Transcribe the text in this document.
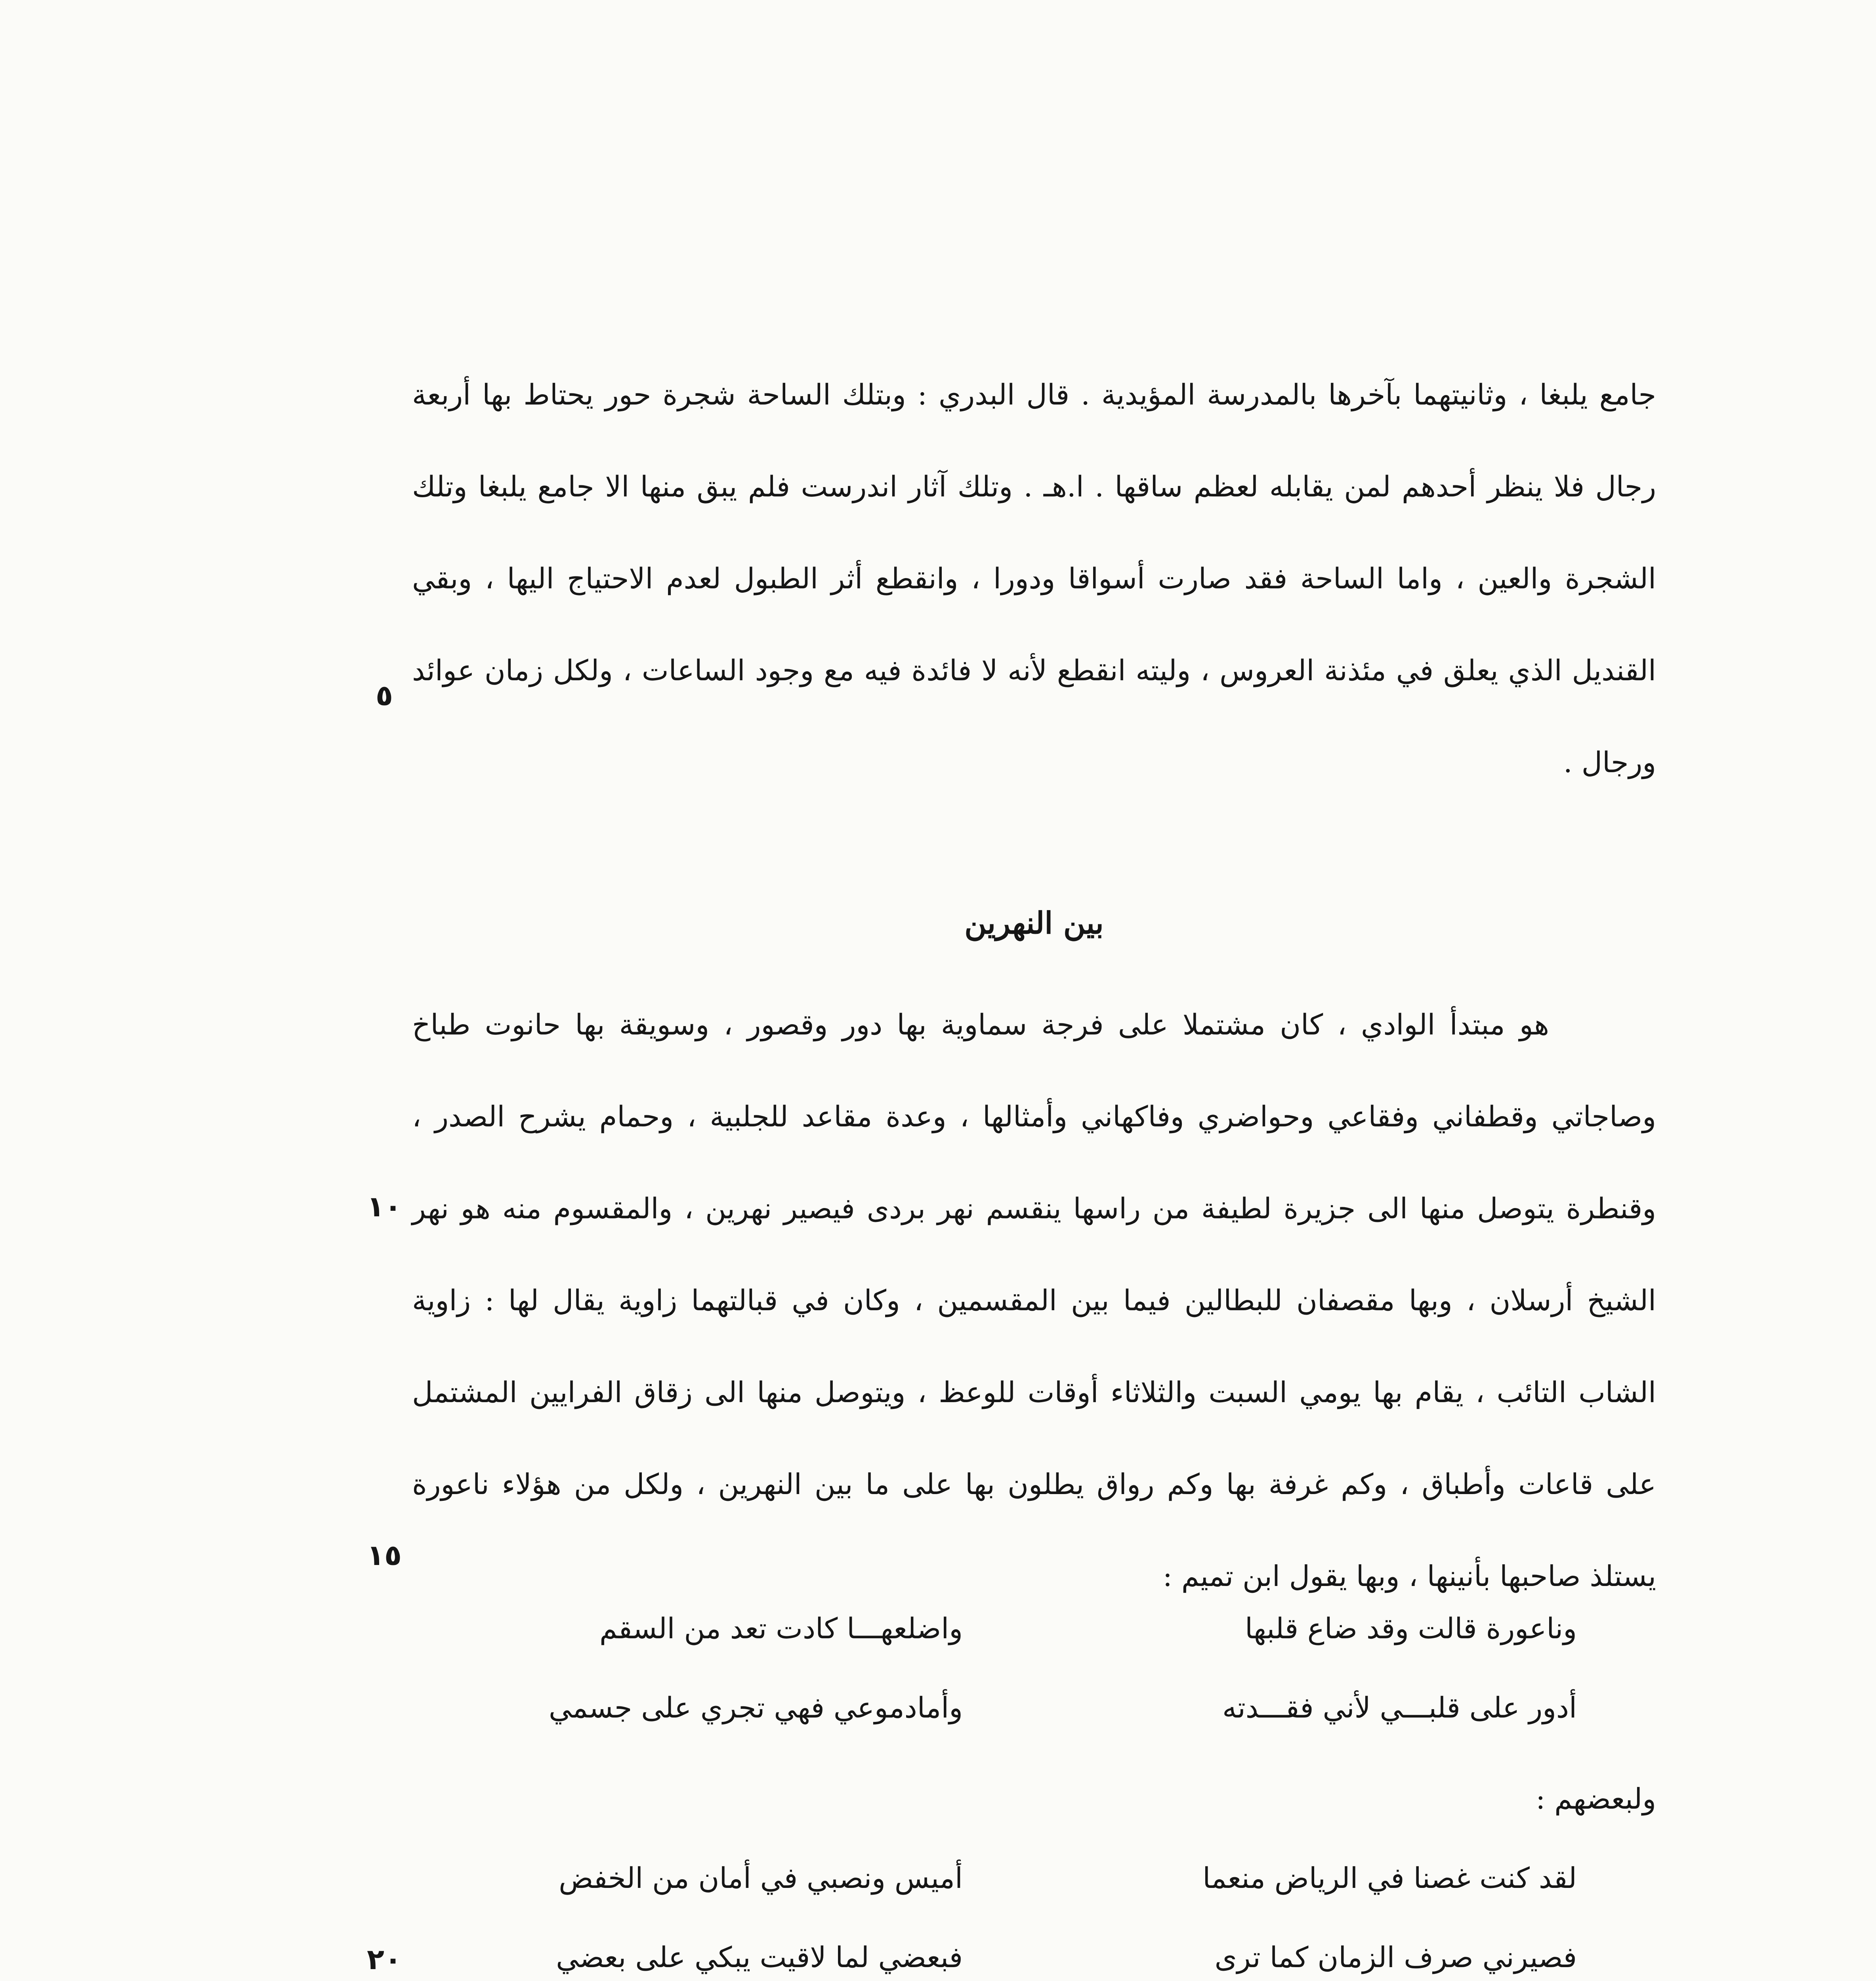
جامع يلبغا ، وثانيتهما بآخرها بالمدرسة المؤيدية . قال البدري : وبتلك الساحة شجرة حور يحتاط بها أربعة رجال فلا ينظر أحدهم لمن يقابله لعظم ساقها . ا.هـ . وتلك آثار اندرست فلم يبق منها الا جامع يلبغا وتلك الشجرة والعين ، واما الساحة فقد صارت أسواقا ودورا ، وانقطع أثر الطبول لعدم الاحتياج اليها ، وبقي القنديل الذي يعلق في مئذنة العروس ، وليته انقطع لأنه لا فائدة فيه مع وجود الساعات ، ولكل زمان عوائد ورجال .

٥
بين النهرين

هو مبتدأ الوادي ، كان مشتملا على فرجة سماوية بها دور وقصور ، وسويقة بها حانوت طباخ وصاجاتي وقطفاني وفقاعي وحواضري وفاكهاني وأمثالها ، وعدة مقاعد للجلبية ، وحمام يشرح الصدر ، وقنطرة يتوصل منها الى جزيرة لطيفة من راسها ينقسم نهر بردى فيصير نهرين ، والمقسوم منه هو نهر الشيخ أرسلان ، وبها مقصفان للبطالين فيما بين المقسمين ، وكان في قبالتهما زاوية يقال لها : زاوية الشاب التائب ، يقام بها يومي السبت والثلاثاء أوقات للوعظ ، ويتوصل منها الى زقاق الفرايين المشتمل على قاعات وأطباق ، وكم غرفة بها وكم رواق يطلون بها على ما بين النهرين ، ولكل من هؤلاء ناعورة يستلذ صاحبها بأنينها ، وبها يقول ابن تميم :

١٠
١٥
وناعورة قالت وقد ضاع قلبها
واضلعهـــا كادت تعد من السقم
أدور على قلبـــي لأني فقـــدته
وأمادموعي فهي تجري على جسمي
ولبعضهم :
لقد كنت غصنا في الرياض منعما
أميس ونصبي في أمان من الخفض
فصيرني صرف الزمان كما ترى
فبعضي لما لاقيت يبكي على بعضي
٢٠
